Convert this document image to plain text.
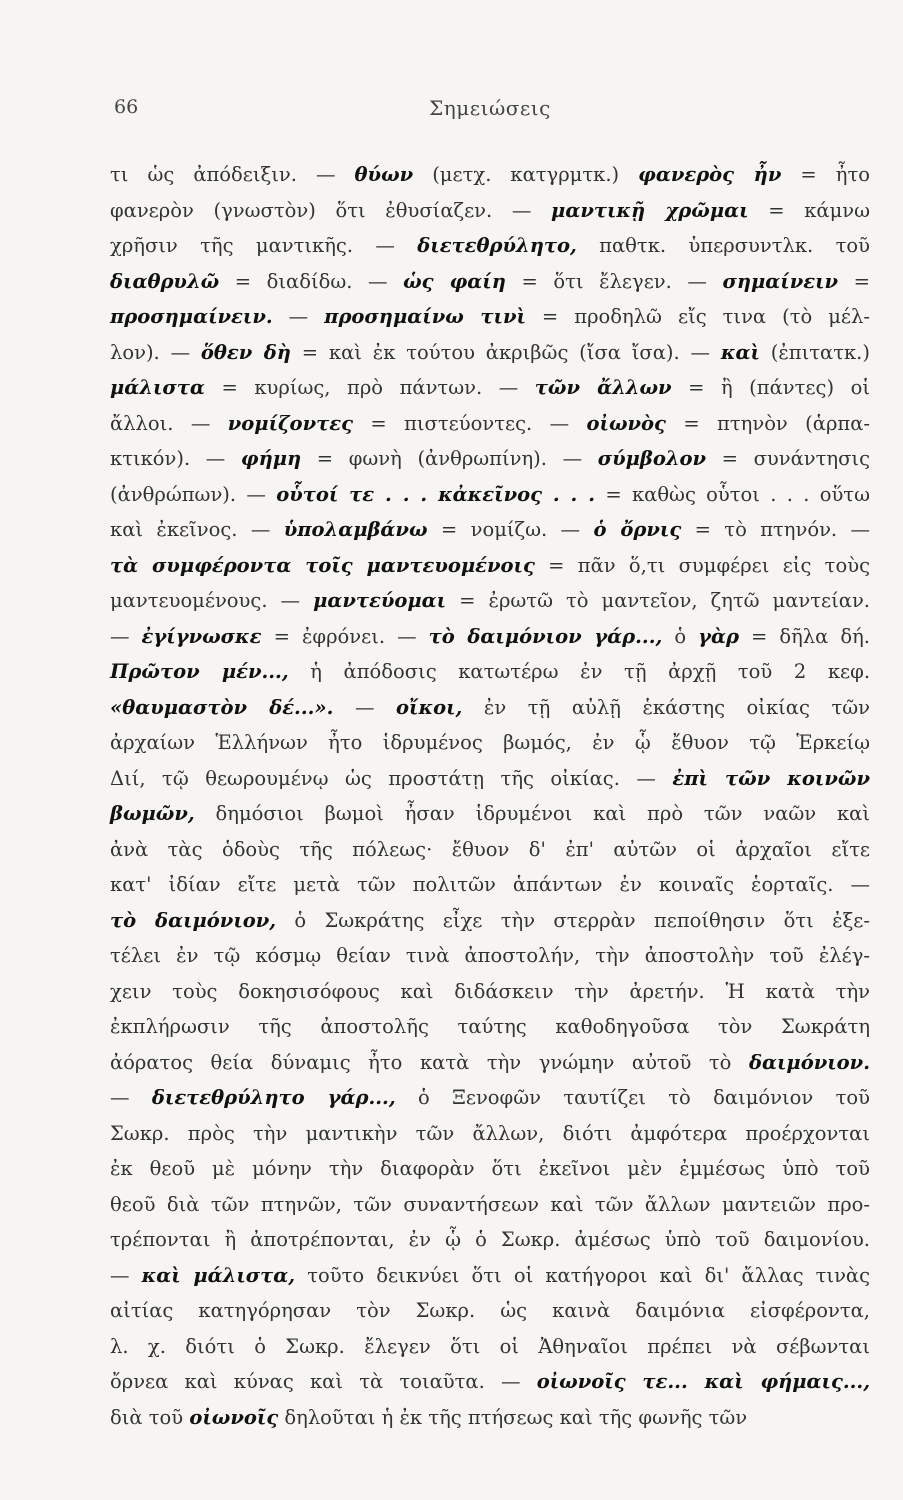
66	Σημειώσεις
τι ὡς ἀπόδειξιν. — θύων (μετχ. κατγρμτκ.) φανερὸς ἦν = ἦτο
φανερὸν (γνωστὸν) ὅτι ἐθυσίαζεν. — μαντικῇ χρῶμαι = κάμνω
χρῆσιν τῆς μαντικῆς. — διετεθρύλητο, παθτκ. ὑπερσυντλκ. τοῦ
διαθρυλῶ = διαδίδω. — ὡς φαίη = ὅτι ἔλεγεν. — σημαίνειν =
προσημαίνειν. — προσημαίνω τινὶ = προδηλῶ εἴς τινα (τὸ μέλ-
λον). — ὅθεν δὴ = καὶ ἐκ τούτου ἀκριβῶς (ἴσα ἴσα). — καὶ (ἐπιτατκ.)
μάλιστα = κυρίως, πρὸ πάντων. — τῶν ἄλλων = ἢ (πάντες) οἱ
ἄλλοι. — νομίζοντες = πιστεύοντες. — οἰωνὸς = πτηνὸν (ἁρπα-
κτικόν). — φήμη = φωνὴ (ἀνθρωπίνη). — σύμβολον = συνάντησις
(ἀνθρώπων). — οὗτοί τε . . . κἀκεῖνος . . . = καθὼς οὗτοι . . . οὕτω
καὶ ἐκεῖνος. — ὑπολαμβάνω = νομίζω. — ὁ ὄρνις = τὸ πτηνόν. —
τὰ συμφέροντα τοῖς μαντευομένοις = πᾶν ὅ,τι συμφέρει εἰς τοὺς
μαντευομένους. — μαντεύομαι = ἐρωτῶ τὸ μαντεῖον, ζητῶ μαντείαν.
— ἐγίγνωσκε = ἐφρόνει. — τὸ δαιμόνιον γάρ..., ὁ γὰρ = δῆλα δή.
Πρῶτον μέν..., ἡ ἀπόδοσις κατωτέρω ἐν τῇ ἀρχῇ τοῦ 2 κεφ.
«θαυμαστὸν δέ...». — οἴκοι, ἐν τῇ αὐλῇ ἑκάστης οἰκίας τῶν
ἀρχαίων Ἑλλήνων ἦτο ἱδρυμένος βωμός, ἐν ᾧ ἔθυον τῷ Ἑρκείῳ
Διί, τῷ θεωρουμένῳ ὡς προστάτῃ τῆς οἰκίας. — ἐπὶ τῶν κοινῶν
βωμῶν, δημόσιοι βωμοὶ ἦσαν ἱδρυμένοι καὶ πρὸ τῶν ναῶν καὶ
ἀνὰ τὰς ὁδοὺς τῆς πόλεως· ἔθυον δ' ἐπ' αὐτῶν οἱ ἀρχαῖοι εἴτε
κατ' ἰδίαν εἴτε μετὰ τῶν πολιτῶν ἁπάντων ἐν κοιναῖς ἑορταῖς. —
τὸ δαιμόνιον, ὁ Σωκράτης εἶχε τὴν στερρὰν πεποίθησιν ὅτι ἐξε-
τέλει ἐν τῷ κόσμῳ θείαν τινὰ ἀποστολήν, τὴν ἀποστολὴν τοῦ ἐλέγ-
χειν τοὺς δοκησισόφους καὶ διδάσκειν τὴν ἀρετήν. Ἡ κατὰ τὴν
ἐκπλήρωσιν τῆς ἀποστολῆς ταύτης καθοδηγοῦσα τὸν Σωκράτη
ἀόρατος θεία δύναμις ἦτο κατὰ τὴν γνώμην αὐτοῦ τὸ δαιμόνιον.
— διετεθρύλητο γάρ..., ὁ Ξενοφῶν ταυτίζει τὸ δαιμόνιον τοῦ
Σωκρ. πρὸς τὴν μαντικὴν τῶν ἄλλων, διότι ἀμφότερα προέρχονται
ἐκ θεοῦ μὲ μόνην τὴν διαφορὰν ὅτι ἐκεῖνοι μὲν ἐμμέσως ὑπὸ τοῦ
θεοῦ διὰ τῶν πτηνῶν, τῶν συναντήσεων καὶ τῶν ἄλλων μαντειῶν προ-
τρέπονται ἢ ἀποτρέπονται, ἐν ᾧ ὁ Σωκρ. ἀμέσως ὑπὸ τοῦ δαιμονίου.
— καὶ μάλιστα, τοῦτο δεικνύει ὅτι οἱ κατήγοροι καὶ δι' ἄλλας τινὰς
αἰτίας κατηγόρησαν τὸν Σωκρ. ὡς καινὰ δαιμόνια εἰσφέροντα,
λ. χ. διότι ὁ Σωκρ. ἔλεγεν ὅτι οἱ Ἀθηναῖοι πρέπει νὰ σέβωνται
ὄρνεα καὶ κύνας καὶ τὰ τοιαῦτα. — οἰωνοῖς τε... καὶ φήμαις...,
διὰ τοῦ οἰωνοῖς δηλοῦται ἡ ἐκ τῆς πτήσεως καὶ τῆς φωνῆς τῶν
